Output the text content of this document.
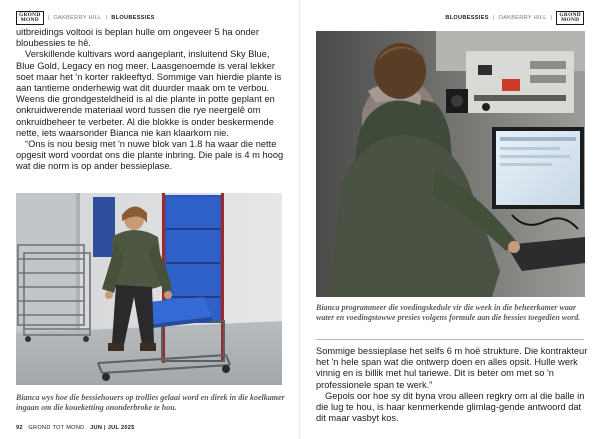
GROND
MOND	| OAKBERRY HILL | BLOUBESSIES

uitbreidings voltooi is beplan hulle om ongeveer 5 ha onder bloubessies te hê.

Verskillende kultivars word aangeplant, insluitend Sky Blue, Blue Gold, Legacy en nog meer. Laasgenoemde is veral lekker soet maar het 'n korter rakleeftyd. Sommige van hierdie plante is aan tantieme onderhewig wat dit duurder maak om te verbou. Weens die grondgesteldheid is al die plante in potte geplant en onkruidwerende materiaal word tussen die rye neergelê om onkruidbeheer te verbeter. Al die blokke is onder beskermende nette, iets waarsonder Bianca nie kan klaarkom nie.

“Ons is nou besig met 'n nuwe blok van 1.8 ha waar die nette opgesit word voordat ons die plante inbring. Die pale is 4 m hoog wat die norm is op ander bessieplase.

Bianca wys hoe die bessiehouers op trollies gelaai word en direk in die koelkamer ingaan om die koueketting ononderbroke te hou.
92 GROND TOT MOND JUN | JUL 2025
BLOUBESSIES | OAKBERRY HILL |	GROND
MOND
Bianca programmeer die voedingskedule vir die week in die beheerkamer waar water en voedingstowwe presies volgens formule aan die bessies toegedien word.

Sommige bessieplase het selfs 6 m hoë strukture. Die kontrakteur het 'n hele span wat die ontwerp doen en alles opsit. Hulle werk vinnig en is billik met hul tariewe. Dit is beter om met so 'n professionele span te werk.”

Gepols oor hoe sy dit byna vrou alleen regkry om al die balle in die lug te hou, is haar kenmerkende glimlag-gende antwoord dat dit maar vasbyt kos.
